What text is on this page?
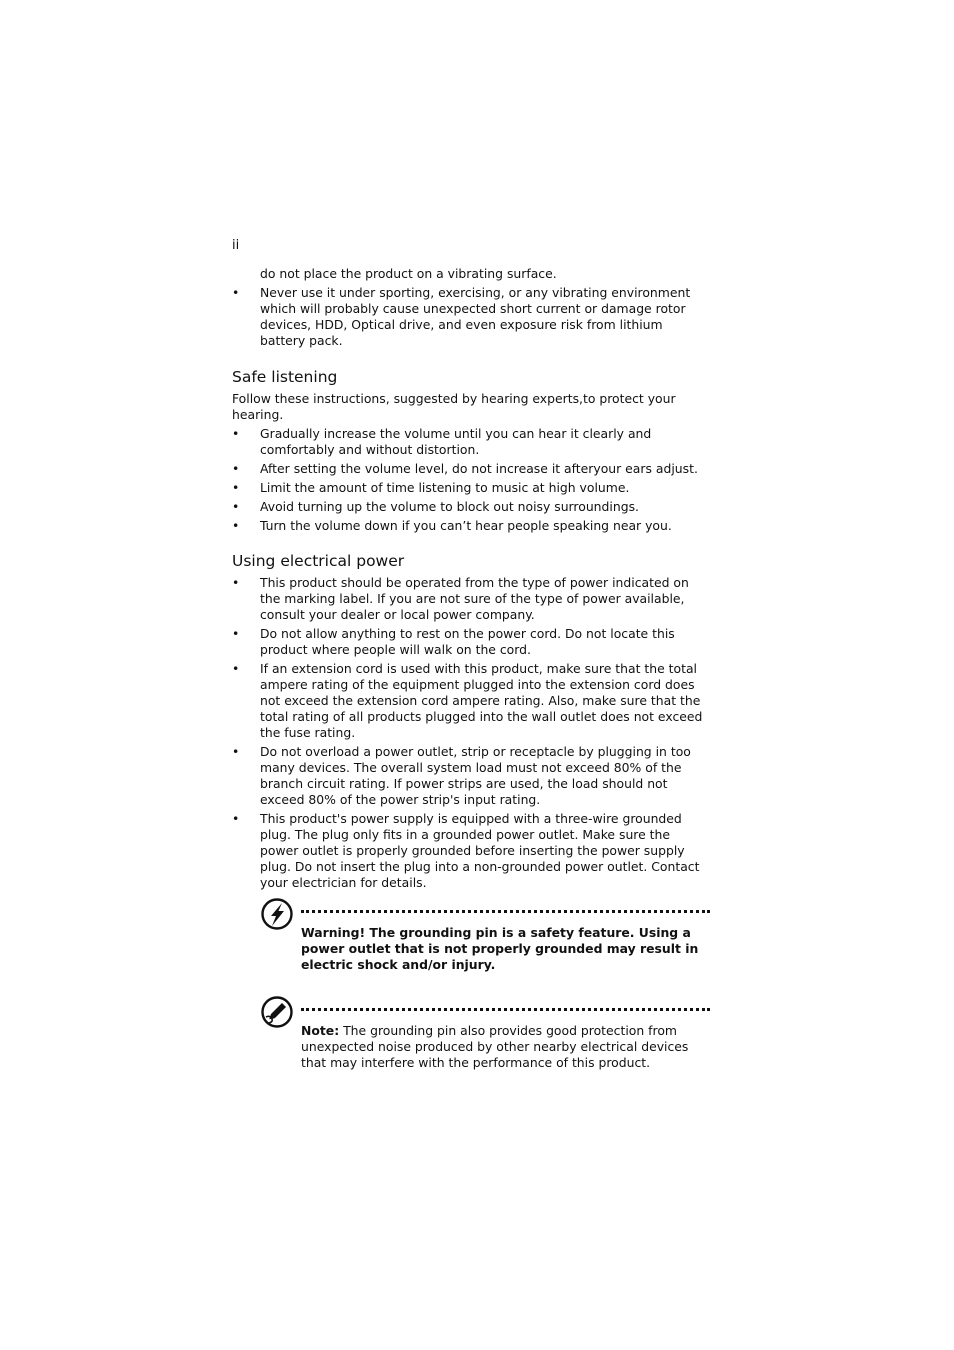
ii

do not place the product on a vibrating surface.

• Never use it under sporting, exercising, or any vibrating environment which will probably cause unexpected short current or damage rotor devices, HDD, Optical drive, and even exposure risk from lithium battery pack.
Safe listening

Follow these instructions, suggested by hearing experts,to protect your hearing.

• Gradually increase the volume until you can hear it clearly and comfortably and without distortion.
• After setting the volume level, do not increase it afteryour ears adjust.
• Limit the amount of time listening to music at high volume.
• Avoid turning up the volume to block out noisy surroundings.
• Turn the volume down if you can’t hear people speaking near you.
Using electrical power
• This product should be operated from the type of power indicated on the marking label. If you are not sure of the type of power available, consult your dealer or local power company.
• Do not allow anything to rest on the power cord. Do not locate this product where people will walk on the cord.
• If an extension cord is used with this product, make sure that the total ampere rating of the equipment plugged into the extension cord does not exceed the extension cord ampere rating. Also, make sure that the total rating of all products plugged into the wall outlet does not exceed the fuse rating.
• Do not overload a power outlet, strip or receptacle by plugging in too many devices. The overall system load must not exceed 80% of the branch circuit rating. If power strips are used, the load should not exceed 80% of the power strip's input rating.
• This product's power supply is equipped with a three-wire grounded plug. The plug only fits in a grounded power outlet. Make sure the power outlet is properly grounded before inserting the power supply plug. Do not insert the plug into a non-grounded power outlet. Contact your electrician for details.
Warning! The grounding pin is a safety feature. Using a power outlet that is not properly grounded may result in electric shock and/or injury.
Note: The grounding pin also provides good protection from unexpected noise produced by other nearby electrical devices that may interfere with the performance of this product.
